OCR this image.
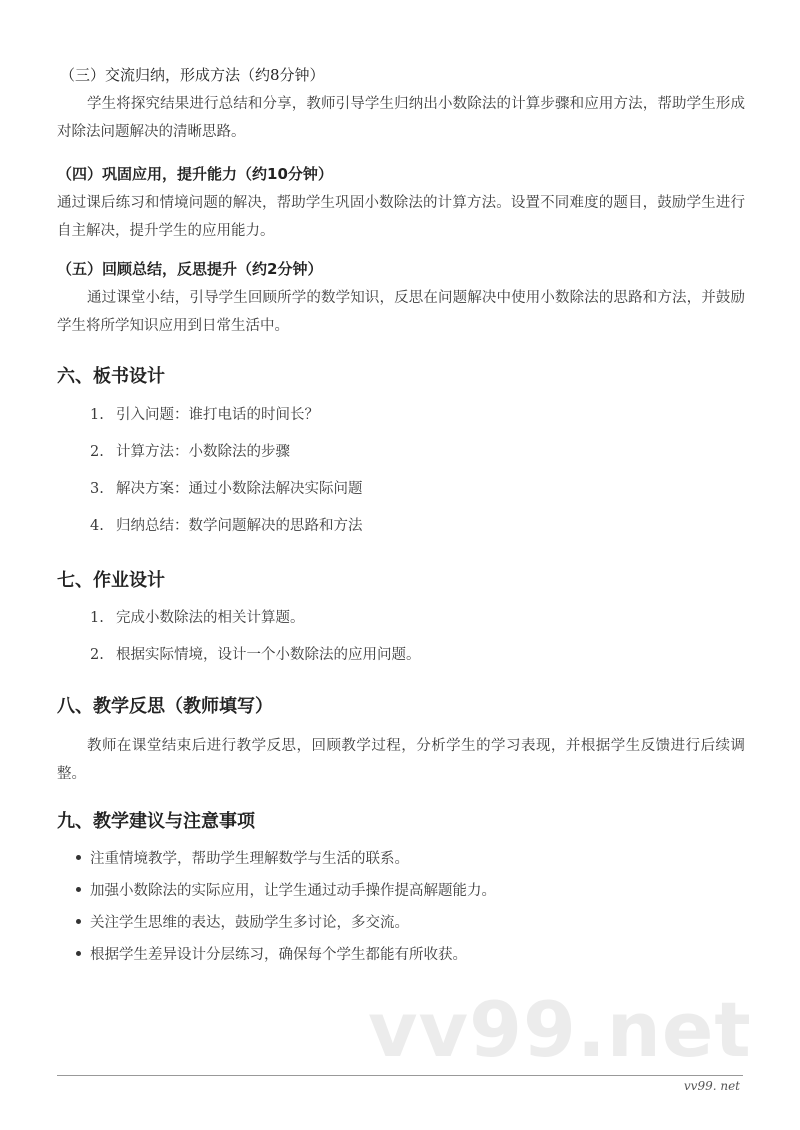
（三）交流归纳，形成方法（约8分钟）
学生将探究结果进行总结和分享，教师引导学生归纳出小数除法的计算步骤和应用方法，帮助学生形成对除法问题解决的清晰思路。
（四）巩固应用，提升能力（约10分钟）
通过课后练习和情境问题的解决，帮助学生巩固小数除法的计算方法。设置不同难度的题目，鼓励学生进行自主解决，提升学生的应用能力。
（五）回顾总结，反思提升（约2分钟）
通过课堂小结，引导学生回顾所学的数学知识，反思在问题解决中使用小数除法的思路和方法，并鼓励学生将所学知识应用到日常生活中。
六、板书设计
1. 引入问题：谁打电话的时间长？
2. 计算方法：小数除法的步骤
3. 解决方案：通过小数除法解决实际问题
4. 归纳总结：数学问题解决的思路和方法
七、作业设计
1. 完成小数除法的相关计算题。
2. 根据实际情境，设计一个小数除法的应用问题。
八、教学反思（教师填写）
教师在课堂结束后进行教学反思，回顾教学过程，分析学生的学习表现，并根据学生反馈进行后续调整。
九、教学建议与注意事项
注重情境教学，帮助学生理解数学与生活的联系。
加强小数除法的实际应用，让学生通过动手操作提高解题能力。
关注学生思维的表达，鼓励学生多讨论，多交流。
根据学生差异设计分层练习，确保每个学生都能有所收获。
vv99.net
vv99. net
